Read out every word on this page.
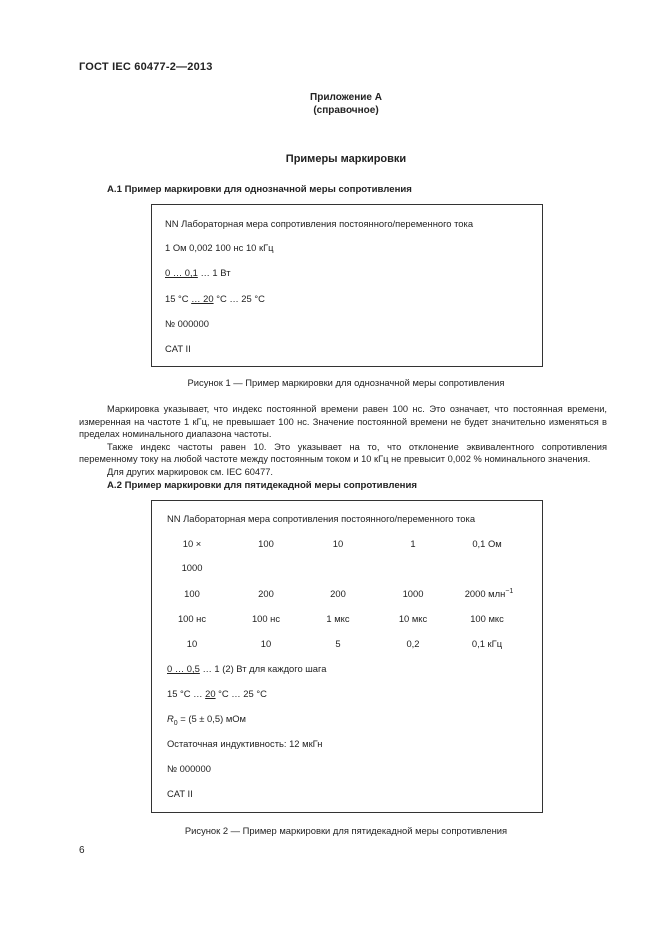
ГОСТ IEC 60477-2—2013
Приложение А
(справочное)
Примеры маркировки
А.1 Пример маркировки для однозначной меры сопротивления
NN Лабораторная мера сопротивления постоянного/переменного тока
1 Ом 0,002 100 нс 10 кГц
0 … 0,1 … 1 Вт
15 °C … 20 °C … 25 °C
№ 000000
CAT II
Рисунок 1 — Пример маркировки для однозначной меры сопротивления

Маркировка указывает, что индекс постоянной времени равен 100 нс. Это означает, что постоянная времени, измеренная на частоте 1 кГц, не превышает 100 нс. Значение постоянной времени не будет значительно изменяться в пределах номинального диапазона частоты.

Также индекс частоты равен 10. Это указывает на то, что отклонение эквивалентного сопротивления переменному току на любой частоте между постоянным током и 10 кГц не превысит 0,002 % номинального значения.

Для других маркировок см. IEC 60477.

А.2 Пример маркировки для пятидекадной меры сопротивления
NN Лабораторная мера сопротивления постоянного/переменного тока
10 ×	100	10	1	0,1 Ом
1000
100	200	200	1000	2000 млн$^{-1}$
100 нс	100 нс	1 мкс	10 мкс	100 мкс
10	10	5	0,2	0,1 кГц
0 … 0,5 … 1 (2) Вт для каждого шага
15 °C … 20 °C … 25 °C
$R_0 = (5 \pm 0,5)$ мОм
Остаточная индуктивность: 12 мкГн
№ 000000
CAT II
Рисунок 2 — Пример маркировки для пятидекадной меры сопротивления
6
